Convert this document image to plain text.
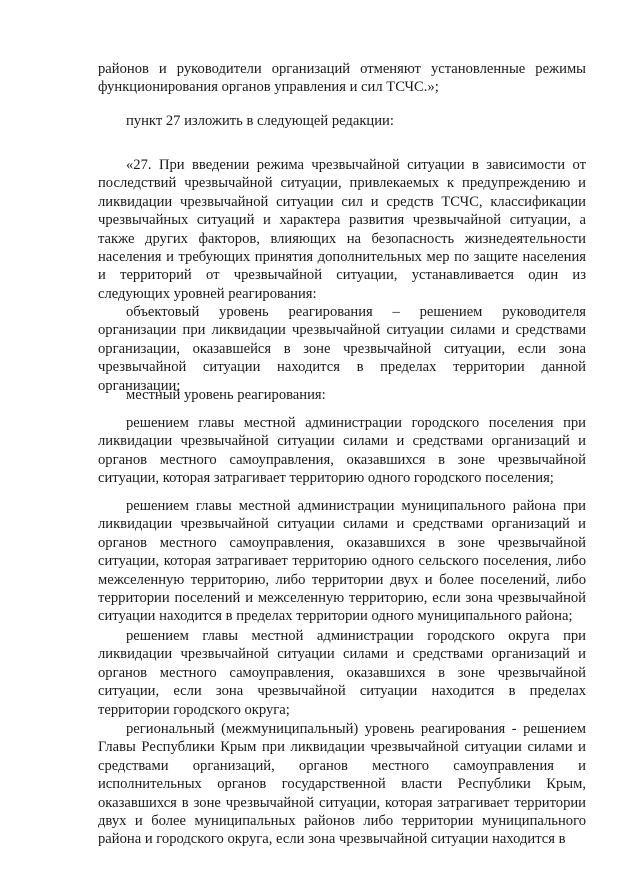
районов и руководители организаций отменяют установленные режимы функционирования органов управления и сил ТСЧС.»;

пункт 27 изложить в следующей редакции:

«27. При введении режима чрезвычайной ситуации в зависимости от последствий чрезвычайной ситуации, привлекаемых к предупреждению и ликвидации чрезвычайной ситуации сил и средств ТСЧС, классификации чрезвычайных ситуаций и характера развития чрезвычайной ситуации, а также других факторов, влияющих на безопасность жизнедеятельности населения и требующих принятия дополнительных мер по защите населения и территорий от чрезвычайной ситуации, устанавливается один из следующих уровней реагирования:

объектовый уровень реагирования – решением руководителя организации при ликвидации чрезвычайной ситуации силами и средствами организации, оказавшейся в зоне чрезвычайной ситуации, если зона чрезвычайной ситуации находится в пределах территории данной организации;

местный уровень реагирования:

решением главы местной администрации городского поселения при ликвидации чрезвычайной ситуации силами и средствами организаций и органов местного самоуправления, оказавшихся в зоне чрезвычайной ситуации, которая затрагивает территорию одного городского поселения;

решением главы местной администрации муниципального района при ликвидации чрезвычайной ситуации силами и средствами организаций и органов местного самоуправления, оказавшихся в зоне чрезвычайной ситуации, которая затрагивает территорию одного сельского поселения, либо межселенную территорию, либо территории двух и более поселений, либо территории поселений и межселенную территорию, если зона чрезвычайной ситуации находится в пределах территории одного муниципального района;

решением главы местной администрации городского округа при ликвидации чрезвычайной ситуации силами и средствами организаций и органов местного самоуправления, оказавшихся в зоне чрезвычайной ситуации, если зона чрезвычайной ситуации находится в пределах территории городского округа;

региональный (межмуниципальный) уровень реагирования - решением Главы Республики Крым при ликвидации чрезвычайной ситуации силами и средствами организаций, органов местного самоуправления и исполнительных органов государственной власти Республики Крым, оказавшихся в зоне чрезвычайной ситуации, которая затрагивает территории двух и более муниципальных районов либо территории муниципального района и городского округа, если зона чрезвычайной ситуации находится в
